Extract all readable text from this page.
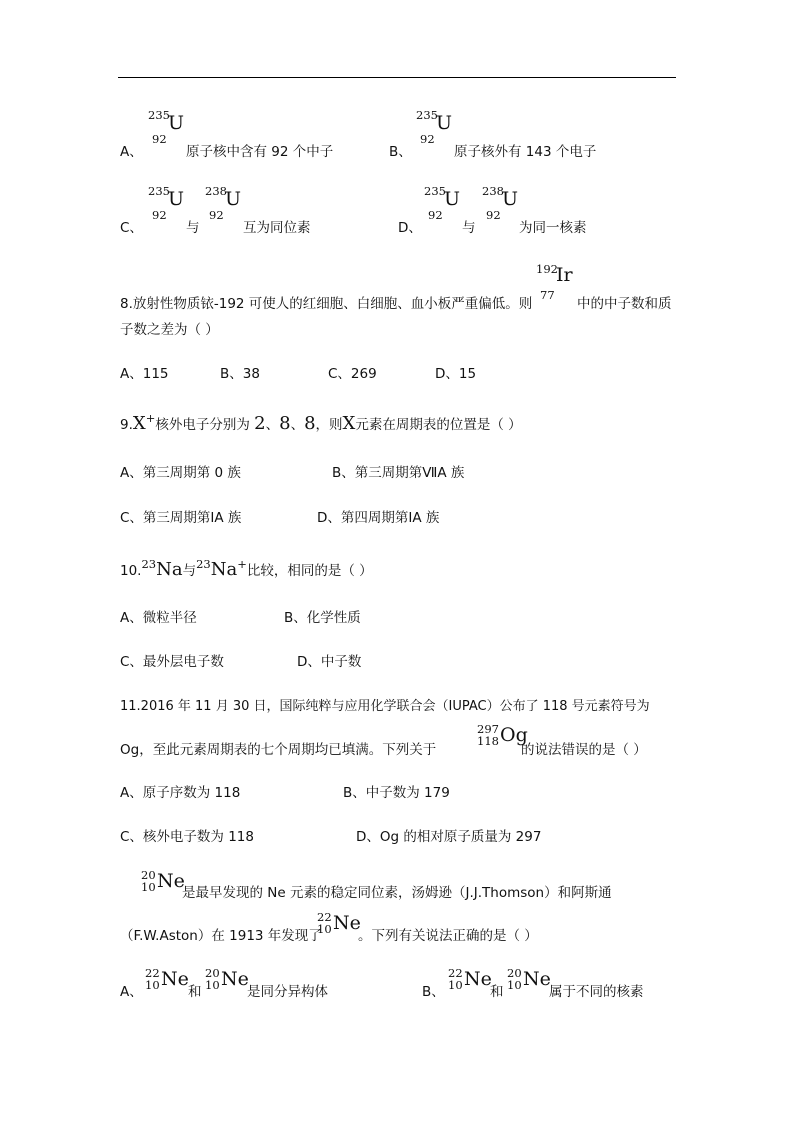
A、
235
92
U
原子核中含有 92 个中子	B、
235
92
U
原子核外有 143 个电子
C、
235
92
U
与
238
92
U
互为同位素	D、
235
92
U
与
238
92
U
为同一核素
8.放射性物质铱-192 可使人的红细胞、白细胞、血小板严重偏低。则
192
77
Ir
中的中子数和质
子数之差为（ ）
A、115	B、38	C、269	D、15
9.X+核外电子分别为 2、8、8，则X元素在周期表的位置是（ ）
A、第三周期第 0 族	B、第三周期第ⅦA 族
C、第三周期第ⅠA 族	D、第四周期第ⅠA 族
10.23Na与23Na+比较，相同的是（ ）
A、微粒半径	B、化学性质
C、最外层电子数	D、中子数
11.2016 年 11 月 30 日，国际纯粹与应用化学联合会（IUPAC）公布了 118 号元素符号为
Og，至此元素周期表的七个周期均已填满。下列关于
297
118 Og
的说法错误的是（ ）
A、原子序数为 118	B、中子数为 179
C、核外电子数为 118	D、Og 的相对原子质量为 297
20
10 Ne
是最早发现的 Ne 元素的稳定同位素，汤姆逊（J.J.Thomson）和阿斯通
（F.W.Aston）在 1913 年发现了
22
10 Ne
。下列有关说法正确的是（ ）
A、
22
10 Ne
和
20
10 Ne
是同分异构体	B、
22
10 Ne
和
20
10 Ne
属于不同的核素
